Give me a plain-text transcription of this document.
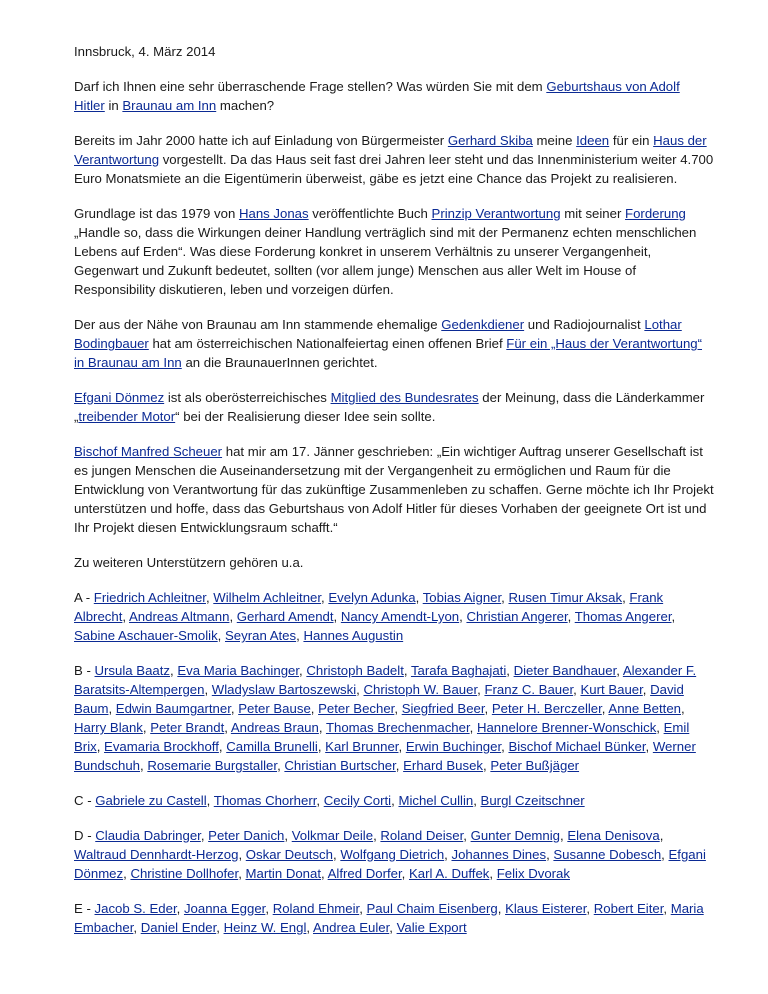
Innsbruck, 4. März 2014

Darf ich Ihnen eine sehr überraschende Frage stellen? Was würden Sie mit dem Geburtshaus von Adolf Hitler in Braunau am Inn machen?

Bereits im Jahr 2000 hatte ich auf Einladung von Bürgermeister Gerhard Skiba meine Ideen für ein Haus der Verantwortung vorgestellt. Da das Haus seit fast drei Jahren leer steht und das Innenministerium weiter 4.700 Euro Monatsmiete an die Eigentümerin überweist, gäbe es jetzt eine Chance das Projekt zu realisieren.

Grundlage ist das 1979 von Hans Jonas veröffentlichte Buch Prinzip Verantwortung mit seiner Forderung „Handle so, dass die Wirkungen deiner Handlung verträglich sind mit der Permanenz echten menschlichen Lebens auf Erden“. Was diese Forderung konkret in unserem Verhältnis zu unserer Vergangenheit, Gegenwart und Zukunft bedeutet, sollten (vor allem junge) Menschen aus aller Welt im House of Responsibility diskutieren, leben und vorzeigen dürfen.

Der aus der Nähe von Braunau am Inn stammende ehemalige Gedenkdiener und Radiojournalist Lothar Bodingbauer hat am österreichischen Nationalfeiertag einen offenen Brief Für ein „Haus der Verantwortung“ in Braunau am Inn an die BraunauerInnen gerichtet.

Efgani Dönmez ist als oberösterreichisches Mitglied des Bundesrates der Meinung, dass die Länderkammer „treibender Motor“ bei der Realisierung dieser Idee sein sollte.

Bischof Manfred Scheuer hat mir am 17. Jänner geschrieben: „Ein wichtiger Auftrag unserer Gesellschaft ist es jungen Menschen die Auseinandersetzung mit der Vergangenheit zu ermöglichen und Raum für die Entwicklung von Verantwortung für das zukünftige Zusammenleben zu schaffen. Gerne möchte ich Ihr Projekt unterstützen und hoffe, dass das Geburtshaus von Adolf Hitler für dieses Vorhaben der geeignete Ort ist und Ihr Projekt diesen Entwicklungsraum schafft.“

Zu weiteren Unterstützern gehören u.a.

A - Friedrich Achleitner, Wilhelm Achleitner, Evelyn Adunka, Tobias Aigner, Rusen Timur Aksak, Frank Albrecht, Andreas Altmann, Gerhard Amendt, Nancy Amendt-Lyon, Christian Angerer, Thomas Angerer, Sabine Aschauer-Smolik, Seyran Ates, Hannes Augustin

B - Ursula Baatz, Eva Maria Bachinger, Christoph Badelt, Tarafa Baghajati, Dieter Bandhauer, Alexander F. Baratsits-Altempergen, Wladyslaw Bartoszewski, Christoph W. Bauer, Franz C. Bauer, Kurt Bauer, David Baum, Edwin Baumgartner, Peter Bause, Peter Becher, Siegfried Beer, Peter H. Berczeller, Anne Betten, Harry Blank, Peter Brandt, Andreas Braun, Thomas Brechenmacher, Hannelore Brenner-Wonschick, Emil Brix, Evamaria Brockhoff, Camilla Brunelli, Karl Brunner, Erwin Buchinger, Bischof Michael Bünker, Werner Bundschuh, Rosemarie Burgstaller, Christian Burtscher, Erhard Busek, Peter Bußjäger

C - Gabriele zu Castell, Thomas Chorherr, Cecily Corti, Michel Cullin, Burgl Czeitschner

D - Claudia Dabringer, Peter Danich, Volkmar Deile, Roland Deiser, Gunter Demnig, Elena Denisova, Waltraud Dennhardt-Herzog, Oskar Deutsch, Wolfgang Dietrich, Johannes Dines, Susanne Dobesch, Efgani Dönmez, Christine Dollhofer, Martin Donat, Alfred Dorfer, Karl A. Duffek, Felix Dvorak

E - Jacob S. Eder, Joanna Egger, Roland Ehmeir, Paul Chaim Eisenberg, Klaus Eisterer, Robert Eiter, Maria Embacher, Daniel Ender, Heinz W. Engl, Andrea Euler, Valie Export
